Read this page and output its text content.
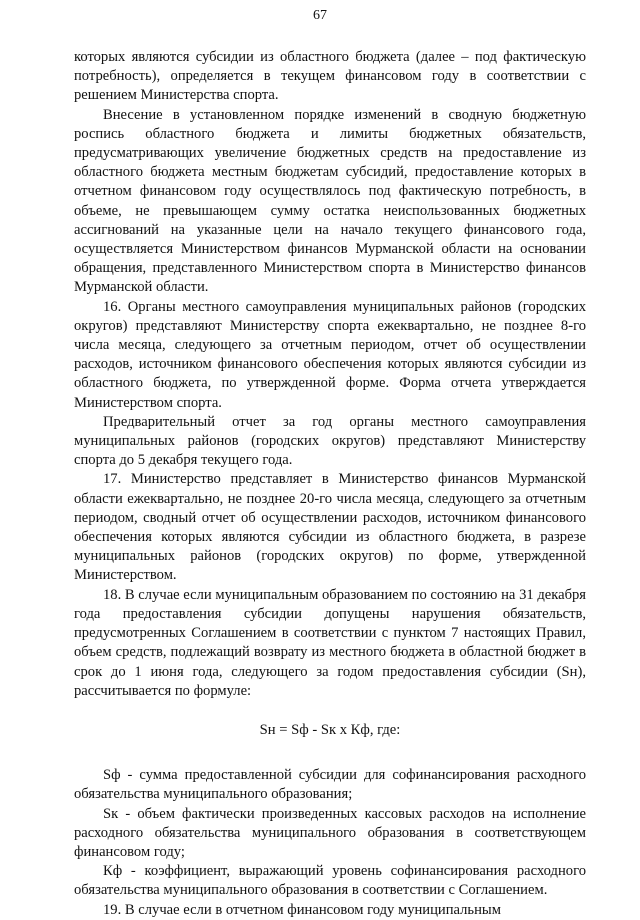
67

которых являются субсидии из областного бюджета (далее – под фактическую потребность), определяется в текущем финансовом году в соответствии с решением Министерства спорта.

Внесение в установленном порядке изменений в сводную бюджетную роспись областного бюджета и лимиты бюджетных обязательств, предусматривающих увеличение бюджетных средств на предоставление из областного бюджета местным бюджетам субсидий, предоставление которых в отчетном финансовом году осуществлялось под фактическую потребность, в объеме, не превышающем сумму остатка неиспользованных бюджетных ассигнований на указанные цели на начало текущего финансового года, осуществляется Министерством финансов Мурманской области на основании обращения, представленного Министерством спорта в Министерство финансов Мурманской области.

16. Органы местного самоуправления муниципальных районов (городских округов) представляют Министерству спорта ежеквартально, не позднее 8-го числа месяца, следующего за отчетным периодом, отчет об осуществлении расходов, источником финансового обеспечения которых являются субсидии из областного бюджета, по утвержденной форме. Форма отчета утверждается Министерством спорта.

Предварительный отчет за год органы местного самоуправления муниципальных районов (городских округов) представляют Министерству спорта до 5 декабря текущего года.

17. Министерство представляет в Министерство финансов Мурманской области ежеквартально, не позднее 20-го числа месяца, следующего за отчетным периодом, сводный отчет об осуществлении расходов, источником финансового обеспечения которых являются субсидии из областного бюджета, в разрезе муниципальных районов (городских округов) по форме, утвержденной Министерством.

18. В случае если муниципальным образованием по состоянию на 31 декабря года предоставления субсидии допущены нарушения обязательств, предусмотренных Соглашением в соответствии с пунктом 7 настоящих Правил, объем средств, подлежащий возврату из местного бюджета в областной бюджет в срок до 1 июня года, следующего за годом предоставления субсидии (Sн), рассчитывается по формуле:

Sн = Sф - Sк х Кф, где:

Sф - сумма предоставленной субсидии для софинансирования расходного обязательства муниципального образования;

Sк - объем фактически произведенных кассовых расходов на исполнение расходного обязательства муниципального образования в соответствующем финансовом году;

Кф - коэффициент, выражающий уровень софинансирования расходного обязательства муниципального образования в соответствии с Соглашением.

19. В случае если в отчетном финансовом году муниципальным
